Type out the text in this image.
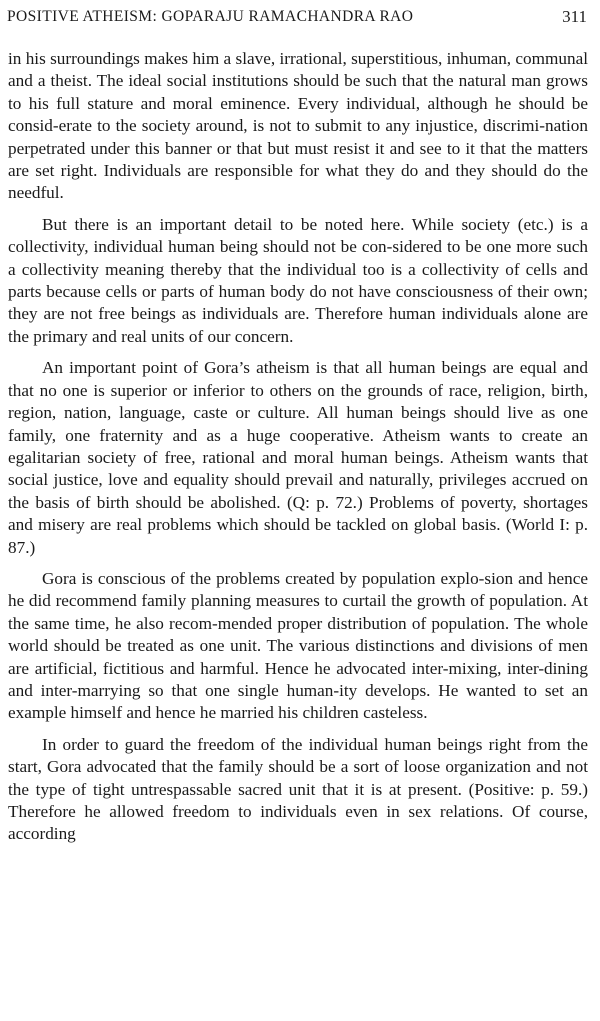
POSITIVE ATHEISM: GOPARAJU RAMACHANDRA RAO	311

in his surroundings makes him a slave, irrational, superstitious, inhuman, communal and a theist. The ideal social institutions should be such that the natural man grows to his full stature and moral eminence. Every individual, although he should be consid-erate to the society around, is not to submit to any injustice, discrimi-nation perpetrated under this banner or that but must resist it and see to it that the matters are set right. Individuals are responsible for what they do and they should do the needful.

But there is an important detail to be noted here. While society (etc.) is a collectivity, individual human being should not be con-sidered to be one more such a collectivity meaning thereby that the individual too is a collectivity of cells and parts because cells or parts of human body do not have consciousness of their own; they are not free beings as individuals are. Therefore human individuals alone are the primary and real units of our concern.

An important point of Gora’s atheism is that all human beings are equal and that no one is superior or inferior to others on the grounds of race, religion, birth, region, nation, language, caste or culture. All human beings should live as one family, one fraternity and as a huge cooperative. Atheism wants to create an egalitarian society of free, rational and moral human beings. Atheism wants that social justice, love and equality should prevail and naturally, privileges accrued on the basis of birth should be abolished. (Q: p. 72.) Problems of poverty, shortages and misery are real problems which should be tackled on global basis. (World I: p. 87.)

Gora is conscious of the problems created by population explo-sion and hence he did recommend family planning measures to curtail the growth of population. At the same time, he also recom-mended proper distribution of population. The whole world should be treated as one unit. The various distinctions and divisions of men are artificial, fictitious and harmful. Hence he advocated inter-mixing, inter-dining and inter-marrying so that one single human-ity develops. He wanted to set an example himself and hence he married his children casteless.

In order to guard the freedom of the individual human beings right from the start, Gora advocated that the family should be a sort of loose organization and not the type of tight untrespassable sacred unit that it is at present. (Positive: p. 59.) Therefore he allowed freedom to individuals even in sex relations. Of course, according
